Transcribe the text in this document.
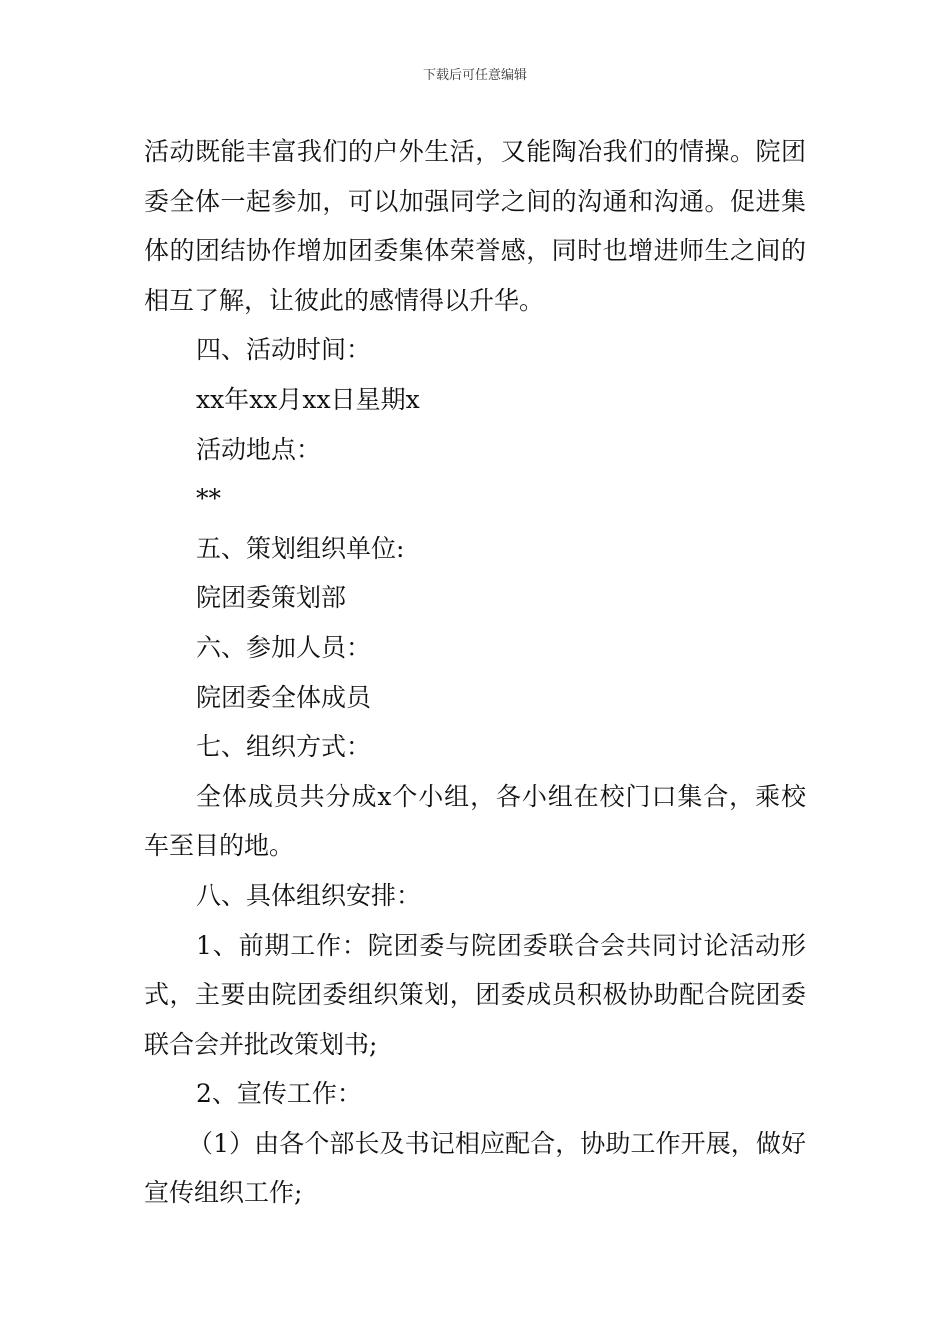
下载后可任意编辑

活动既能丰富我们的户外生活，又能陶冶我们的情操。院团委全体一起参加，可以加强同学之间的沟通和沟通。促进集体的团结协作增加团委集体荣誉感，同时也增进师生之间的相互了解，让彼此的感情得以升华。

四、活动时间：

xx年xx月xx日星期x

活动地点：

**

五、策划组织单位:

院团委策划部

六、参加人员：

院团委全体成员

七、组织方式：

全体成员共分成x个小组，各小组在校门口集合，乘校车至目的地。

八、具体组织安排：

1、前期工作：院团委与院团委联合会共同讨论活动形式，主要由院团委组织策划，团委成员积极协助配合院团委联合会并批改策划书;

2、宣传工作：

（1）由各个部长及书记相应配合，协助工作开展，做好宣传组织工作;
